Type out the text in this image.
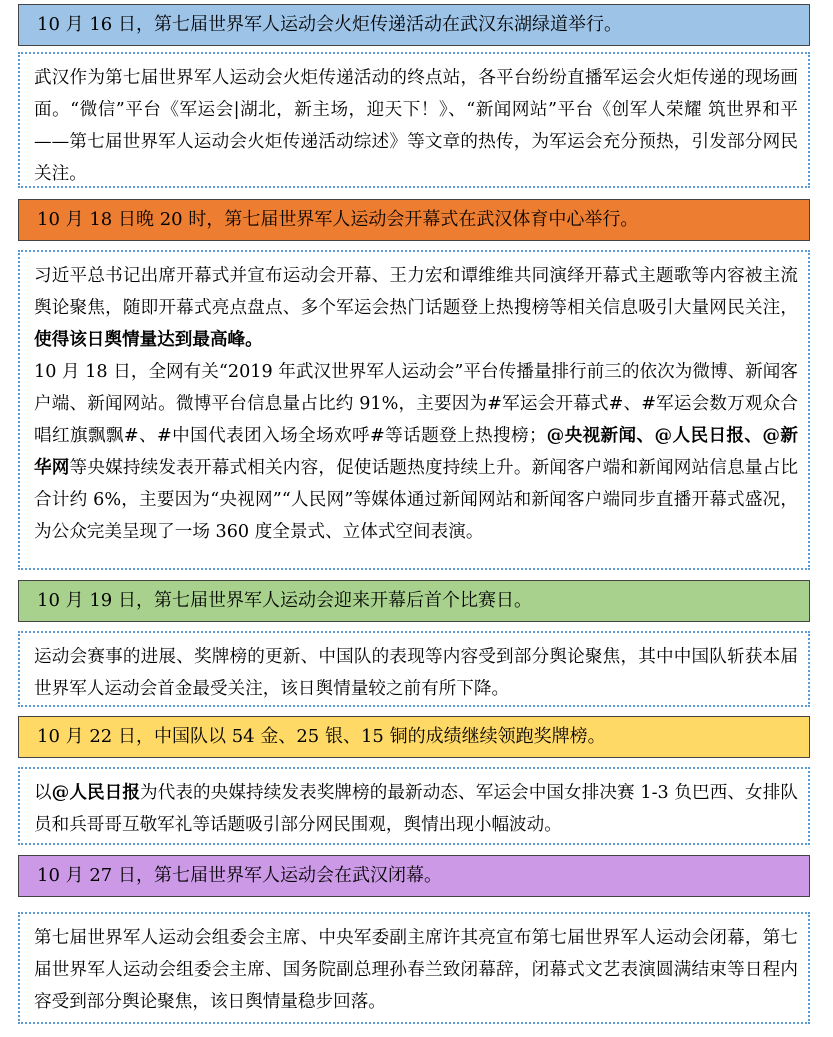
10 月 16 日，第七届世界军人运动会火炬传递活动在武汉东湖绿道举行。

武汉作为第七届世界军人运动会火炬传递活动的终点站，各平台纷纷直播军运会火炬传递的现场画面。“微信”平台《军运会|湖北，新主场，迎天下！》、“新闻网站”平台《创军人荣耀 筑世界和平——第七届世界军人运动会火炬传递活动综述》等文章的热传，为军运会充分预热，引发部分网民关注。

10 月 18 日晚 20 时，第七届世界军人运动会开幕式在武汉体育中心举行。

习近平总书记出席开幕式并宣布运动会开幕、王力宏和谭维维共同演绎开幕式主题歌等内容被主流舆论聚焦，随即开幕式亮点盘点、多个军运会热门话题登上热搜榜等相关信息吸引大量网民关注，使得该日舆情量达到最高峰。

10 月 18 日，全网有关“2019 年武汉世界军人运动会”平台传播量排行前三的依次为微博、新闻客户端、新闻网站。微博平台信息量占比约 91%，主要因为#军运会开幕式#、#军运会数万观众合唱红旗飘飘#、#中国代表团入场全场欢呼#等话题登上热搜榜；@央视新闻、@人民日报、@新华网等央媒持续发表开幕式相关内容，促使话题热度持续上升。新闻客户端和新闻网站信息量占比合计约 6%，主要因为“央视网”“人民网”等媒体通过新闻网站和新闻客户端同步直播开幕式盛况，为公众完美呈现了一场 360 度全景式、立体式空间表演。

10 月 19 日，第七届世界军人运动会迎来开幕后首个比赛日。

运动会赛事的进展、奖牌榜的更新、中国队的表现等内容受到部分舆论聚焦，其中中国队斩获本届世界军人运动会首金最受关注，该日舆情量较之前有所下降。

10 月 22 日，中国队以 54 金、25 银、15 铜的成绩继续领跑奖牌榜。

以@人民日报为代表的央媒持续发表奖牌榜的最新动态、军运会中国女排决赛 1-3 负巴西、女排队员和兵哥哥互敬军礼等话题吸引部分网民围观，舆情出现小幅波动。

10 月 27 日，第七届世界军人运动会在武汉闭幕。

第七届世界军人运动会组委会主席、中央军委副主席许其亮宣布第七届世界军人运动会闭幕，第七届世界军人运动会组委会主席、国务院副总理孙春兰致闭幕辞，闭幕式文艺表演圆满结束等日程内容受到部分舆论聚焦，该日舆情量稳步回落。
